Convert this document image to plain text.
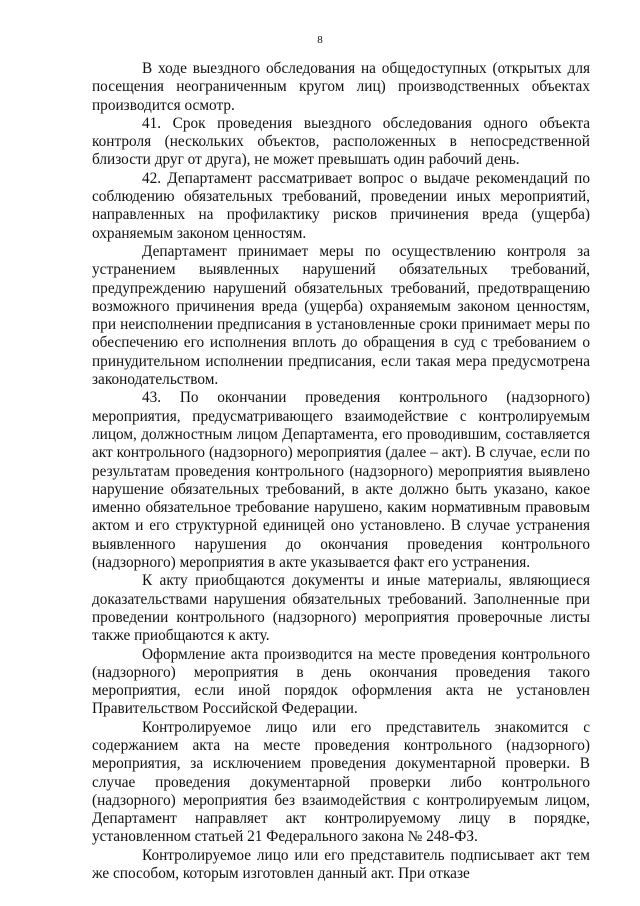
8

В ходе выездного обследования на общедоступных (открытых для посещения неограниченным кругом лиц) производственных объектах производится осмотр.

41. Срок проведения выездного обследования одного объекта контроля (нескольких объектов, расположенных в непосредственной близости друг от друга), не может превышать один рабочий день.

42. Департамент рассматривает вопрос о выдаче рекомендаций по соблюдению обязательных требований, проведении иных мероприятий, направленных на профилактику рисков причинения вреда (ущерба) охраняемым законом ценностям.

Департамент принимает меры по осуществлению контроля за устранением выявленных нарушений обязательных требований, предупреждению нарушений обязательных требований, предотвращению возможного причинения вреда (ущерба) охраняемым законом ценностям, при неисполнении предписания в установленные сроки принимает меры по обеспечению его исполнения вплоть до обращения в суд с требованием о принудительном исполнении предписания, если такая мера предусмотрена законодательством.

43. По окончании проведения контрольного (надзорного) мероприятия, предусматривающего взаимодействие с контролируемым лицом, должностным лицом Департамента, его проводившим, составляется акт контрольного (надзорного) мероприятия (далее – акт). В случае, если по результатам проведения контрольного (надзорного) мероприятия выявлено нарушение обязательных требований, в акте должно быть указано, какое именно обязательное требование нарушено, каким нормативным правовым актом и его структурной единицей оно установлено. В случае устранения выявленного нарушения до окончания проведения контрольного (надзорного) мероприятия в акте указывается факт его устранения.

К акту приобщаются документы и иные материалы, являющиеся доказательствами нарушения обязательных требований. Заполненные при проведении контрольного (надзорного) мероприятия проверочные листы также приобщаются к акту.

Оформление акта производится на месте проведения контрольного (надзорного) мероприятия в день окончания проведения такого мероприятия, если иной порядок оформления акта не установлен Правительством Российской Федерации.

Контролируемое лицо или его представитель знакомится с содержанием акта на месте проведения контрольного (надзорного) мероприятия, за исключением проведения документарной проверки. В случае проведения документарной проверки либо контрольного (надзорного) мероприятия без взаимодействия с контролируемым лицом, Департамент направляет акт контролируемому лицу в порядке, установленном статьей 21 Федерального закона № 248-ФЗ.

Контролируемое лицо или его представитель подписывает акт тем же способом, которым изготовлен данный акт. При отказе
